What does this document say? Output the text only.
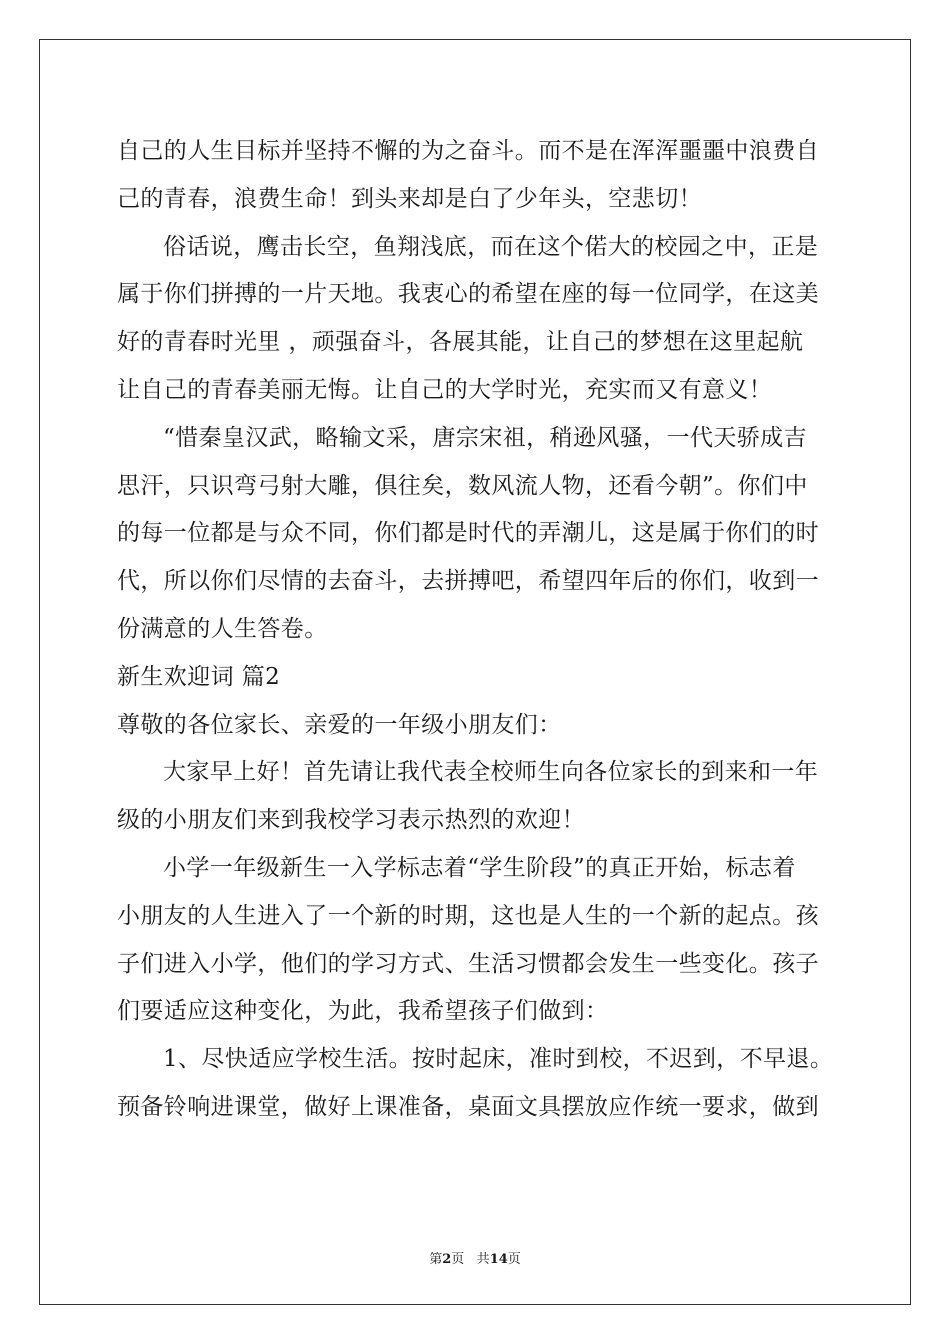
自己的人生目标并坚持不懈的为之奋斗。而不是在浑浑噩噩中浪费自
己的青春，浪费生命！到头来却是白了少年头，空悲切！
俗话说，鹰击长空，鱼翔浅底，而在这个偌大的校园之中，正是
属于你们拼搏的一片天地。我衷心的希望在座的每一位同学，在这美
好的青春时光里 ，顽强奋斗，各展其能，让自己的梦想在这里起航
让自己的青春美丽无悔。让自己的大学时光，充实而又有意义！
“惜秦皇汉武，略输文采，唐宗宋祖，稍逊风骚，一代天骄成吉
思汗，只识弯弓射大雕，俱往矣，数风流人物，还看今朝”。你们中
的每一位都是与众不同，你们都是时代的弄潮儿，这是属于你们的时
代，所以你们尽情的去奋斗，去拼搏吧，希望四年后的你们，收到一
份满意的人生答卷。
新生欢迎词 篇2
尊敬的各位家长、亲爱的一年级小朋友们：
大家早上好！首先请让我代表全校师生向各位家长的到来和一年
级的小朋友们来到我校学习表示热烈的欢迎！
小学一年级新生一入学标志着“学生阶段”的真正开始，标志着
小朋友的人生进入了一个新的时期，这也是人生的一个新的起点。孩
子们进入小学，他们的学习方式、生活习惯都会发生一些变化。孩子
们要适应这种变化，为此，我希望孩子们做到：
1、尽快适应学校生活。按时起床，准时到校，不迟到，不早退。
预备铃响进课堂，做好上课准备，桌面文具摆放应作统一要求，做到
第2页 共14页
